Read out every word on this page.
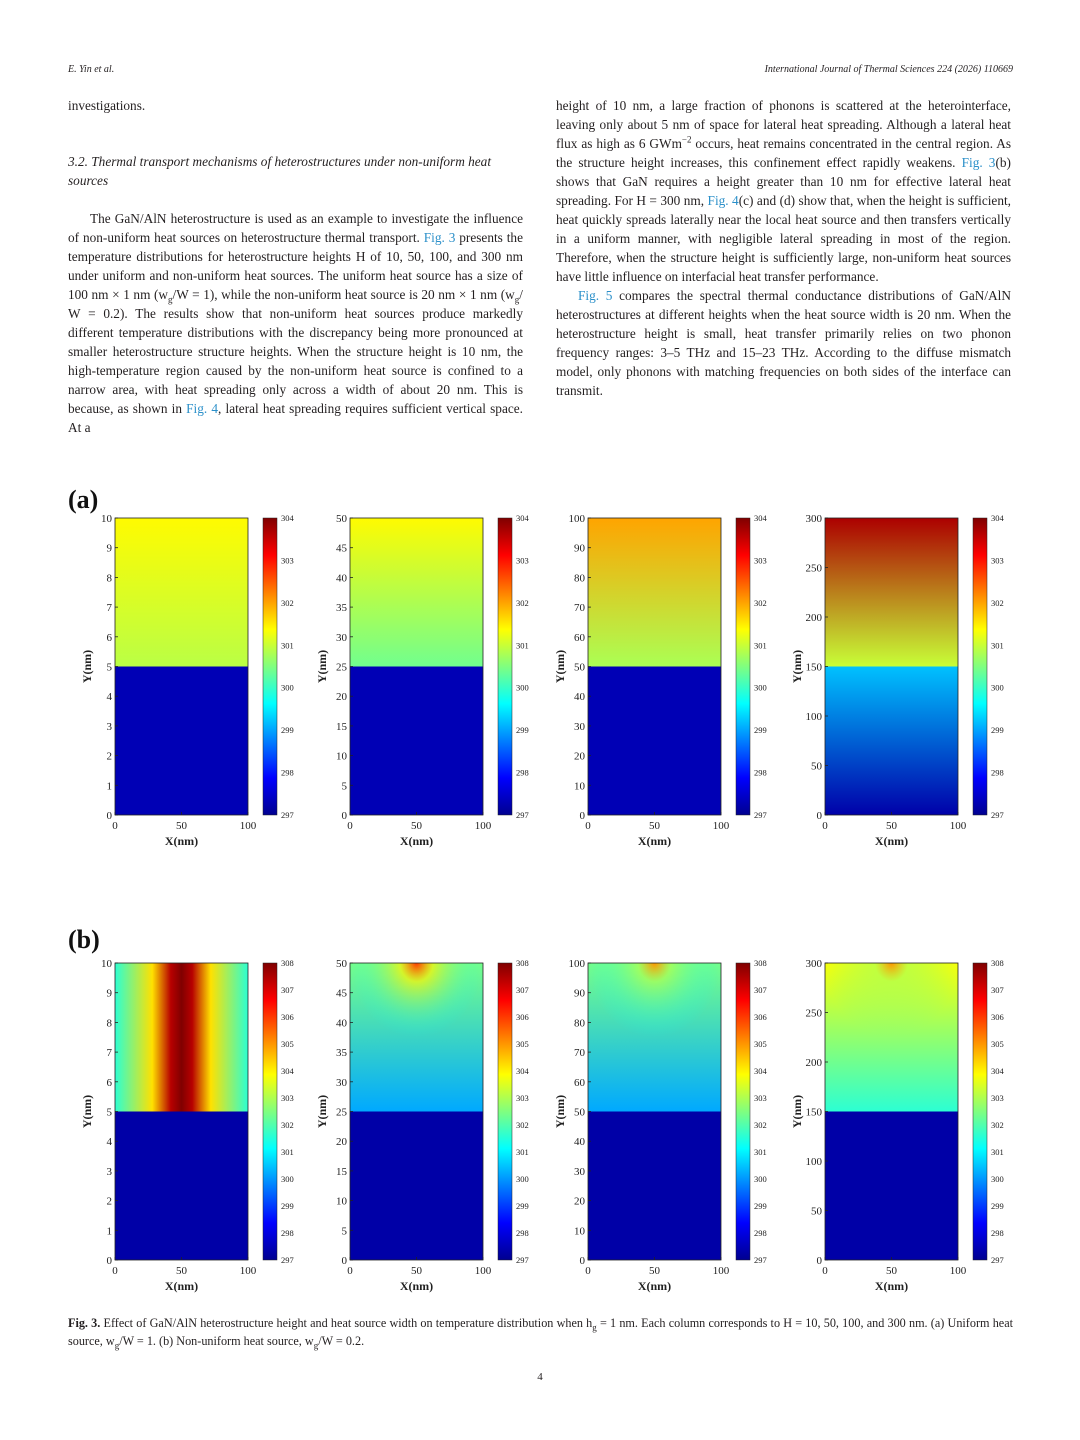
E. Yin et al.	International Journal of Thermal Sciences 224 (2026) 110669

investigations.

3.2. Thermal transport mechanisms of heterostructures under non-uniform heat sources

The GaN/AlN heterostructure is used as an example to investigate the influence of non-uniform heat sources on heterostructure thermal transport. Fig. 3 presents the temperature distributions for heterostructure heights H of 10, 50, 100, and 300 nm under uniform and non-uniform heat sources. The uniform heat source has a size of 100 nm × 1 nm $(w_g/W = 1)$, while the non-uniform heat source is 20 nm × 1 nm ($w_g/$ W = 0.2). The results show that non-uniform heat sources produce markedly different temperature distributions with the discrepancy being more pronounced at smaller heterostructure structure heights. When the structure height is 10 nm, the high-temperature region caused by the non-uniform heat source is confined to a narrow area, with heat spreading only across a width of about 20 nm. This is because, as shown in Fig. 4, lateral heat spreading requires sufficient vertical space. At a

height of 10 nm, a large fraction of phonons is scattered at the heterointerface, leaving only about 5 nm of space for lateral heat spreading. Although a lateral heat flux as high as 6 GWm$^{-2}$ occurs, heat remains concentrated in the central region. As the structure height increases, this confinement effect rapidly weakens. Fig. 3(b) shows that GaN requires a height greater than 10 nm for effective lateral heat spreading. For H = 300 nm, Fig. 4(c) and (d) show that, when the height is sufficient, heat quickly spreads laterally near the local heat source and then transfers vertically in a uniform manner, with negligible lateral spreading in most of the region. Therefore, when the structure height is sufficiently large, non-uniform heat sources have little influence on interfacial heat transfer performance.

Fig. 5 compares the spectral thermal conductance distributions of GaN/AlN heterostructures at different heights when the heat source width is 20 nm. When the heterostructure height is small, heat transfer primarily relies on two phonon frequency ranges: 3–5 THz and 15–23 THz. According to the diffuse mismatch model, only phonons with matching frequencies on both sides of the interface can transmit.

(a)
0
1
2
3
4
5
6
7
8
9
10
0	50	100
X(nm)
Y(nm)
297
298
299
300
301
302
303
304
0
5
10
15
20
25
30
35
40
45
50
0	50	100
X(nm)
Y(nm)
297
298
299
300
301
302
303
304
0
10
20
30
40
50
60
70
80
90
100
0	50	100
X(nm)
Y(nm)
297
298
299
300
301
302
303
304
0
50
100
150
200
250
300
0	50	100
X(nm)
Y(nm)
297
298
299
300
301
302
303
304
(b)
0
1
2
3
4
5
6
7
8
9
10
0	50	100
X(nm)
Y(nm)
297
298
299
300
301
302
303
304
305
306
307
308
0
5
10
15
20
25
30
35
40
45
50
0	50	100
X(nm)
Y(nm)
297
298
299
300
301
302
303
304
305
306
307
308
0
10
20
30
40
50
60
70
80
90
100
0	50	100
X(nm)
Y(nm)
297
298
299
300
301
302
303
304
305
306
307
308
0
50
100
150
200
250
300
0	50	100
X(nm)
Y(nm)
297
298
299
300
301
302
303
304
305
306
307
308
Fig. 3. Effect of GaN/AlN heterostructure height and heat source width on temperature distribution when $h_g = 1$ nm. Each column corresponds to H = 10, 50, 100, and 300 nm. (a) Uniform heat source, $w_g/W = 1$. (b) Non-uniform heat source, $w_g/W = 0.2$.
4
